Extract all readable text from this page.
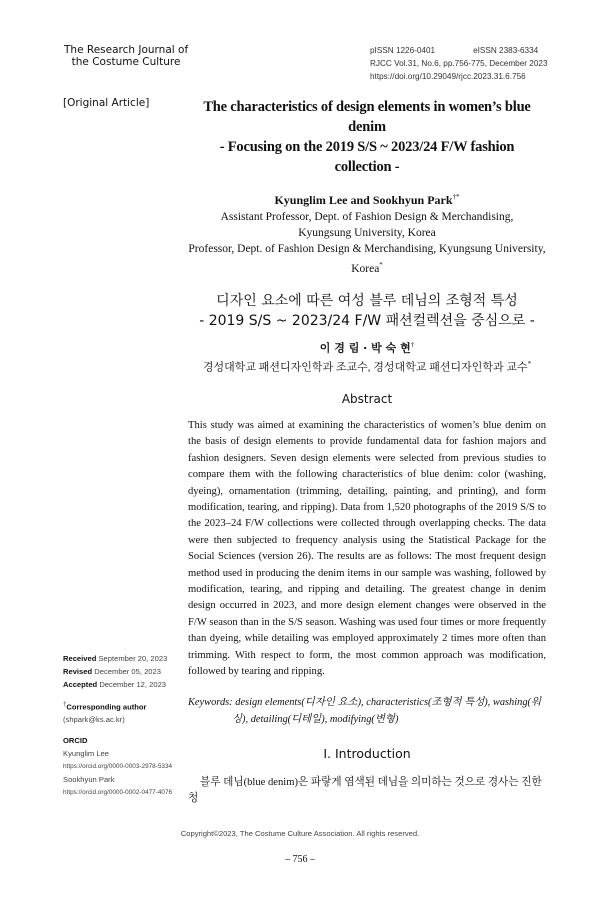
The Research Journal of
the Costume Culture
pISSN 1226-0401	eISSN 2383-6334
RJCC Vol.31, No.6, pp.756-775, December 2023
https://doi.org/10.29049/rjcc.2023.31.6.756
[Original Article]
Received September 20, 2023
Revised December 05, 2023
Accepted December 12, 2023
†Corresponding author
(shpark@ks.ac.kr)
ORCID
Kyunglim Lee
https://orcid.org/0000-0003-2978-5334
Sookhyun Park
https://orcid.org/0000-0002-0477-4076
The characteristics of design elements in women’s blue denim
- Focusing on the 2019 S/S ~ 2023/24 F/W fashion
collection -
Kyunglim Lee and Sookhyun Park†*
Assistant Professor, Dept. of Fashion Design & Merchandising,
Kyungsung University, Korea
Professor, Dept. of Fashion Design & Merchandising, Kyungsung University,
Korea*
디자인 요소에 따른 여성 블루 데님의 조형적 특성
- 2019 S/S ~ 2023/24 F/W 패션컬렉션을 중심으로 -
이 경 림 · 박 숙 현†
경성대학교 패션디자인학과 조교수, 경성대학교 패션디자인학과 교수*
Abstract
This study was aimed at examining the characteristics of women’s blue denim on the basis of design elements to provide fundamental data for fashion majors and fashion designers. Seven design elements were selected from previous studies to compare them with the following characteristics of blue denim: color (washing, dyeing), ornamentation (trimming, detailing, painting, and printing), and form modification, tearing, and ripping). Data from 1,520 photographs of the 2019 S/S to the 2023–24 F/W collections were collected through overlapping checks. The data were then subjected to frequency analysis using the Statistical Package for the Social Sciences (version 26). The results are as follows: The most frequent design method used in producing the denim items in our sample was washing, followed by modification, tearing, and ripping and detailing. The greatest change in denim design occurred in 2023, and more design element changes were observed in the F/W season than in the S/S season. Washing was used four times or more frequently than dyeing, while detailing was employed approximately 2 times more often than trimming. With respect to form, the most common approach was modification, followed by tearing and ripping.
Keywords: design elements(디자인 요소), characteristics(조형적 특성), washing(워싱), detailing(디테일), modifying(변형)
I. Introduction
블루 데님(blue denim)은 파랗게 염색된 데님을 의미하는 것으로 경사는 진한 청
Copyright©2023, The Costume Culture Association. All rights reserved.
– 756 –
